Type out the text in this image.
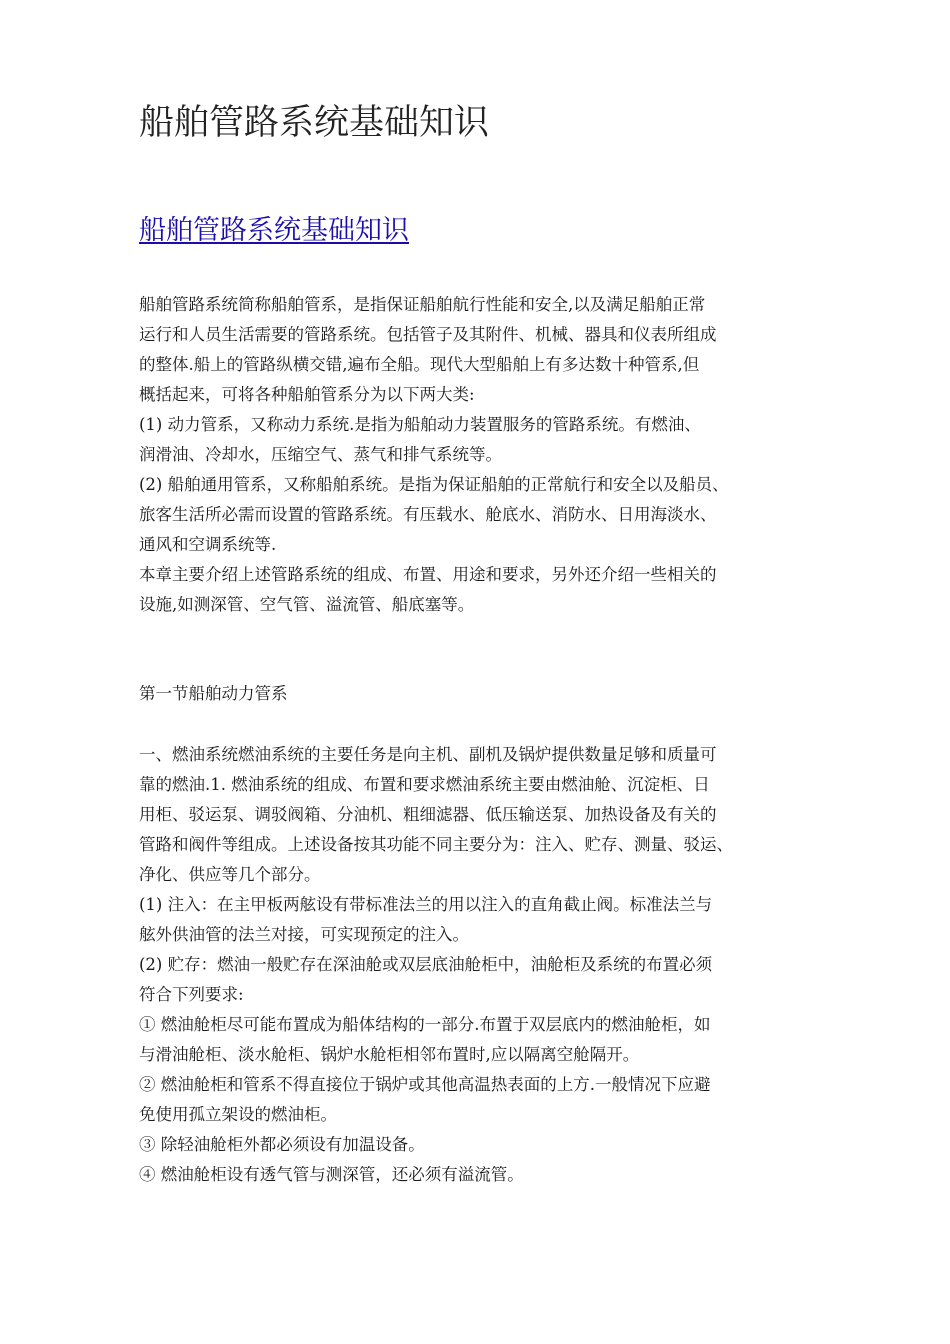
船舶管路系统基础知识
船舶管路系统基础知识

船舶管路系统简称船舶管系，是指保证船舶航行性能和安全,以及满足船舶正常

运行和人员生活需要的管路系统。包括管子及其附件、机械、器具和仪表所组成

的整体.船上的管路纵横交错,遍布全船。现代大型船舶上有多达数十种管系,但

概括起来，可将各种船舶管系分为以下两大类:

(1) 动力管系，又称动力系统.是指为船舶动力装置服务的管路系统。有燃油、

润滑油、冷却水，压缩空气、蒸气和排气系统等。

(2) 船舶通用管系，又称船舶系统。是指为保证船舶的正常航行和安全以及船员、

旅客生活所必需而设置的管路系统。有压载水、舱底水、消防水、日用海淡水、

通风和空调系统等.

本章主要介绍上述管路系统的组成、布置、用途和要求，另外还介绍一些相关的

设施,如测深管、空气管、溢流管、船底塞等。

第一节船舶动力管系

一、燃油系统燃油系统的主要任务是向主机、副机及锅炉提供数量足够和质量可

靠的燃油.1. 燃油系统的组成、布置和要求燃油系统主要由燃油舱、沉淀柜、日

用柜、驳运泵、调驳阀箱、分油机、粗细滤器、低压输送泵、加热设备及有关的

管路和阀件等组成。上述设备按其功能不同主要分为：注入、贮存、测量、驳运、

净化、供应等几个部分。

(1) 注入：在主甲板两舷设有带标准法兰的用以注入的直角截止阀。标准法兰与

舷外供油管的法兰对接，可实现预定的注入。

(2) 贮存：燃油一般贮存在深油舱或双层底油舱柜中，油舱柜及系统的布置必须

符合下列要求:

① 燃油舱柜尽可能布置成为船体结构的一部分.布置于双层底内的燃油舱柜，如

与滑油舱柜、淡水舱柜、锅炉水舱柜相邻布置时,应以隔离空舱隔开。

② 燃油舱柜和管系不得直接位于锅炉或其他高温热表面的上方.一般情况下应避

免使用孤立架设的燃油柜。

③ 除轻油舱柜外都必须设有加温设备。

④ 燃油舱柜设有透气管与测深管，还必须有溢流管。
